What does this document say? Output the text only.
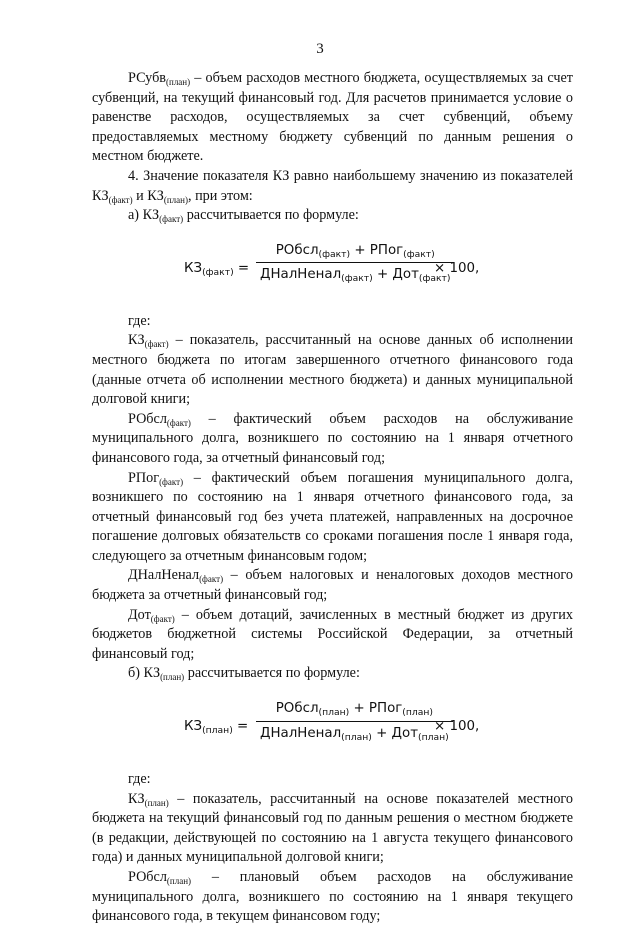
3

РСубв$_{(план)}$ – объем расходов местного бюджета, осуществляемых за счет субвенций, на текущий финансовый год. Для расчетов принимается условие о равенстве расходов, осуществляемых за счет субвенций, объему предоставляемых местному бюджету субвенций по данным решения о местном бюджете.

4. Значение показателя КЗ равно наибольшему значению из показателей $КЗ_{(факт)}$ и $КЗ_{(план)}$, при этом:

а) $КЗ_{(факт)}$ рассчитывается по формуле:

$КЗ_{(факт)}$ =
РОбсл$_{(факт)}$ + РПог$_{(факт)}$
ДНалНенал$_{(факт)}$ + Дот$_{(факт)}$
× 100,

где:

$КЗ_{(факт)}$ – показатель, рассчитанный на основе данных об исполнении местного бюджета по итогам завершенного отчетного финансового года (данные отчета об исполнении местного бюджета) и данных муниципальной долговой книги;

РОбсл$_{(факт)}$ – фактический объем расходов на обслуживание муниципального долга, возникшего по состоянию на 1 января отчетного финансового года, за отчетный финансовый год;

РПог$_{(факт)}$ – фактический объем погашения муниципального долга, возникшего по состоянию на 1 января отчетного финансового года, за отчетный финансовый год без учета платежей, направленных на досрочное погашение долговых обязательств со сроками погашения после 1 января года, следующего за отчетным финансовым годом;

ДНалНенал$_{(факт)}$ – объем налоговых и неналоговых доходов местного бюджета за отчетный финансовый год;

Дот$_{(факт)}$ – объем дотаций, зачисленных в местный бюджет из других бюджетов бюджетной системы Российской Федерации, за отчетный финансовый год;

б) $КЗ_{(план)}$ рассчитывается по формуле:

$КЗ_{(план)}$ =
РОбсл$_{(план)}$ + РПог$_{(план)}$
ДНалНенал$_{(план)}$ + Дот$_{(план)}$
× 100,

где:

$КЗ_{(план)}$ – показатель, рассчитанный на основе показателей местного бюджета на текущий финансовый год по данным решения о местном бюджете (в редакции, действующей по состоянию на 1 августа текущего финансового года) и данных муниципальной долговой книги;

РОбсл$_{(план)}$ – плановый объем расходов на обслуживание муниципального долга, возникшего по состоянию на 1 января текущего финансового года, в текущем финансовом году;
